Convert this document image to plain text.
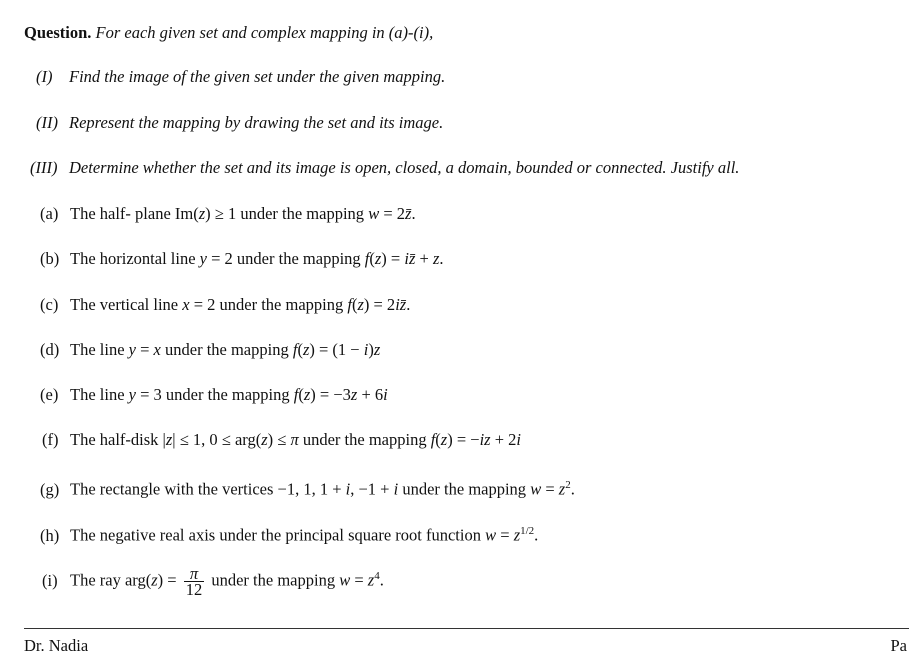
Question. For each given set and complex mapping in (a)-(i),
(I) Find the image of the given set under the given mapping.
(II) Represent the mapping by drawing the set and its image.
(III) Determine whether the set and its image is open, closed, a domain, bounded or connected. Justify all.
(a) The half- plane Im(z) ≥ 1 under the mapping w = 2z̄.
(b) The horizontal line y = 2 under the mapping f(z) = iz̄ + z.
(c) The vertical line x = 2 under the mapping f(z) = 2iz̄.
(d) The line y = x under the mapping f(z) = (1 − i)z
(e) The line y = 3 under the mapping f(z) = −3z + 6i
(f) The half-disk |z| ≤ 1, 0 ≤ arg(z) ≤ π under the mapping f(z) = −iz + 2i
(g) The rectangle with the vertices −1, 1, 1 + i, −1 + i under the mapping $w = z^2$.
(h) The negative real axis under the principal square root function $w = z^{1/2}$.
(i) The ray $arg(z) = \frac{\pi}{12}$ under the mapping $w = z^4$.
Dr. Nadia	Pa
